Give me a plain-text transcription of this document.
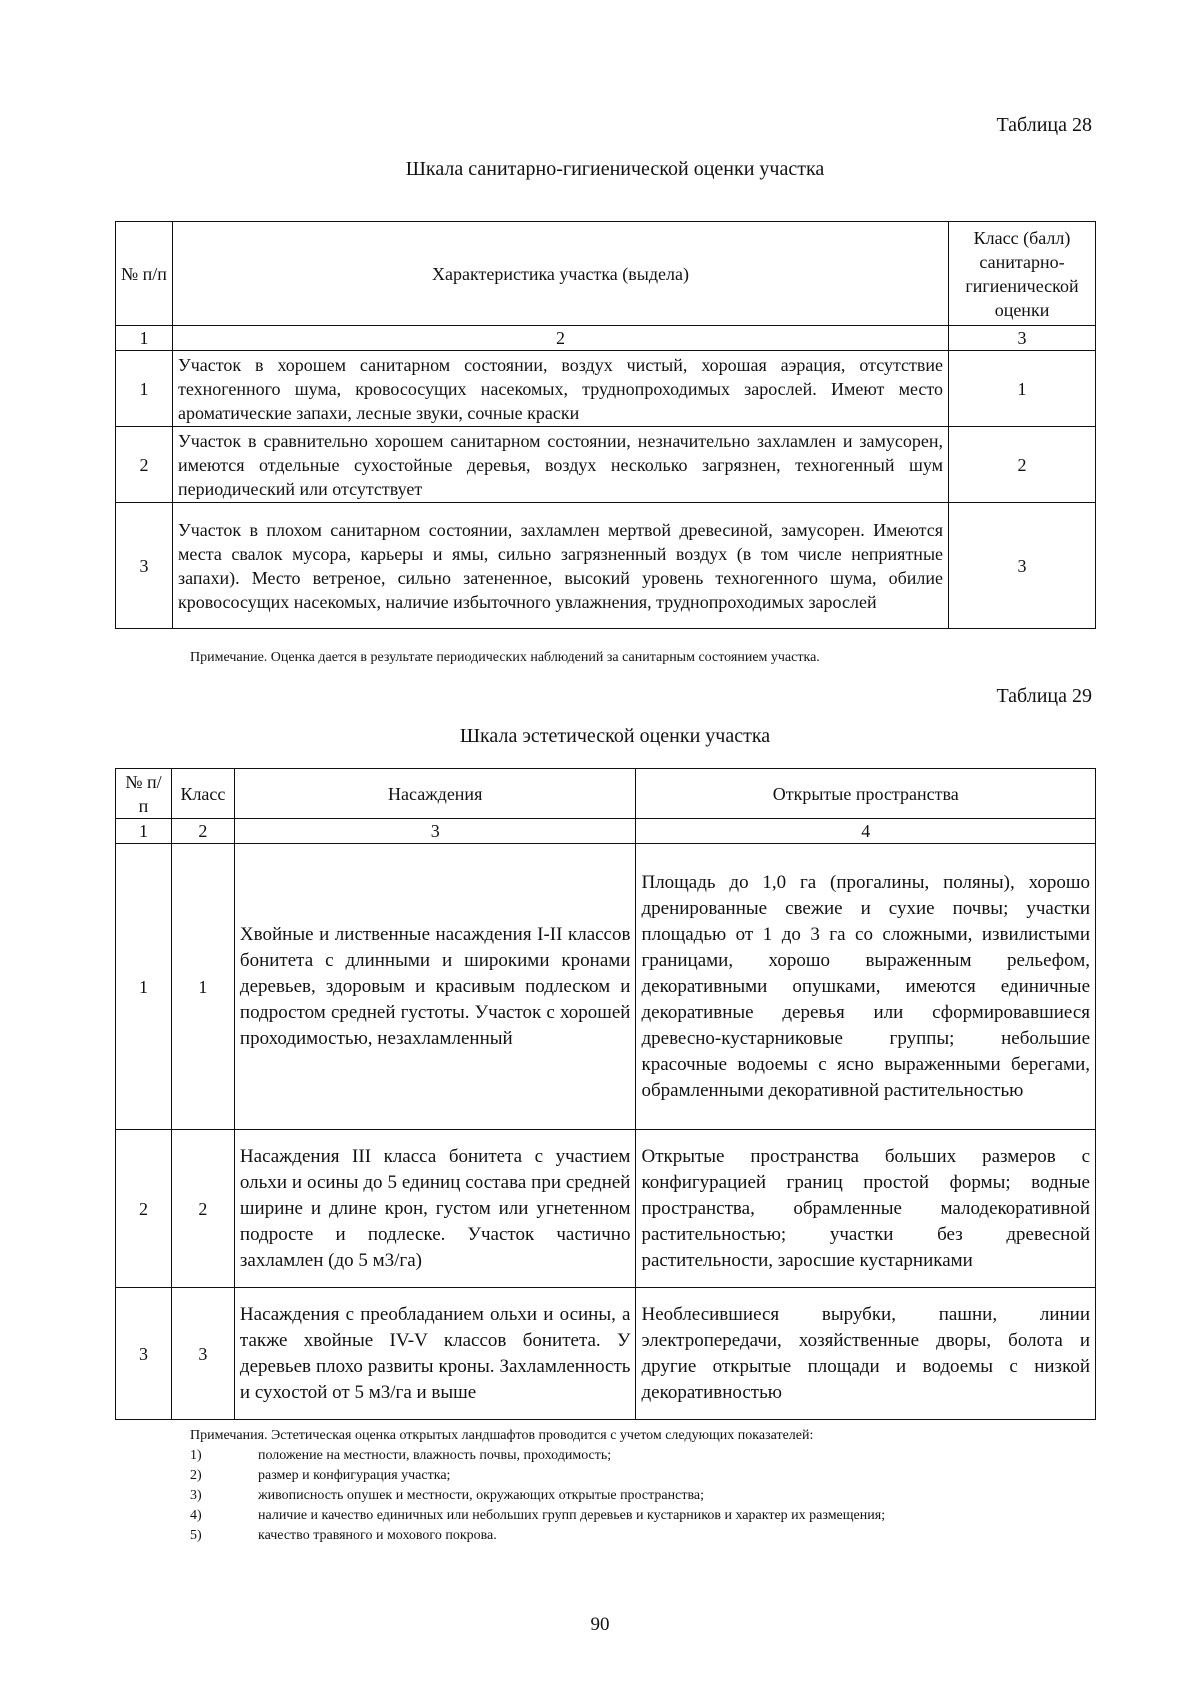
Таблица 28
Шкала санитарно-гигиенической оценки участка
№ п/п	Характеристика участка (выдела)	Класс (балл) санитарно-гигиенической оценки
1	2	3
1	Участок в хорошем санитарном состоянии, воздух чистый, хорошая аэрация, отсутствие техногенного шума, кровососущих насекомых, труднопроходимых зарослей. Имеют место ароматические запахи, лесные звуки, сочные краски	1
2	Участок в сравнительно хорошем санитарном состоянии, незначительно захламлен и замусорен, имеются отдельные сухостойные деревья, воздух несколько загрязнен, техногенный шум периодический или отсутствует	2
3	Участок в плохом санитарном состоянии, захламлен мертвой древесиной, замусорен. Имеются места свалок мусора, карьеры и ямы, сильно загрязненный воздух (в том числе неприятные запахи). Место ветреное, сильно затененное, высокий уровень техногенного шума, обилие кровососущих насекомых, наличие избыточного увлажнения, труднопроходимых зарослей	3
Примечание. Оценка дается в результате периодических наблюдений за санитарным состоянием участка.
Таблица 29
Шкала эстетической оценки участка
№ п/п	Класс	Насаждения	Открытые пространства
1	2	3	4
1	1	Хвойные и лиственные насаждения I-II классов бонитета с длинными и широкими кронами деревьев, здоровым и красивым подлеском и подростом средней густоты. Участок с хорошей проходимостью, незахламленный	Площадь до 1,0 га (прогалины, поляны), хорошо дренированные свежие и сухие почвы; участки площадью от 1 до 3 га со сложными, извилистыми границами, хорошо выраженным рельефом, декоративными опушками, имеются единичные декоративные деревья или сформировавшиеся древесно-кустарниковые группы; небольшие красочные водоемы с ясно выраженными берегами, обрамленными декоративной растительностью
2	2	Насаждения III класса бонитета с участием ольхи и осины до 5 единиц состава при средней ширине и длине крон, густом или угнетенном подросте и подлеске. Участок частично захламлен (до 5 м3/га)	Открытые пространства больших размеров с конфигурацией границ простой формы; водные пространства, обрамленные малодекоративной растительностью; участки без древесной растительности, заросшие кустарниками
3	3	Насаждения с преобладанием ольхи и осины, а также хвойные IV-V классов бонитета. У деревьев плохо развиты кроны. Захламленность и сухостой от 5 м3/га и выше	Необлесившиеся вырубки, пашни, линии электропередачи, хозяйственные дворы, болота и другие открытые площади и водоемы с низкой декоративностью
Примечания. Эстетическая оценка открытых ландшафтов проводится с учетом следующих показателей:
1)	положение на местности, влажность почвы, проходимость;
2)	размер и конфигурация участка;
3)	живописность опушек и местности, окружающих открытые пространства;
4)	наличие и качество единичных или небольших групп деревьев и кустарников и характер их размещения;
5)	качество травяного и мохового покрова.
90
